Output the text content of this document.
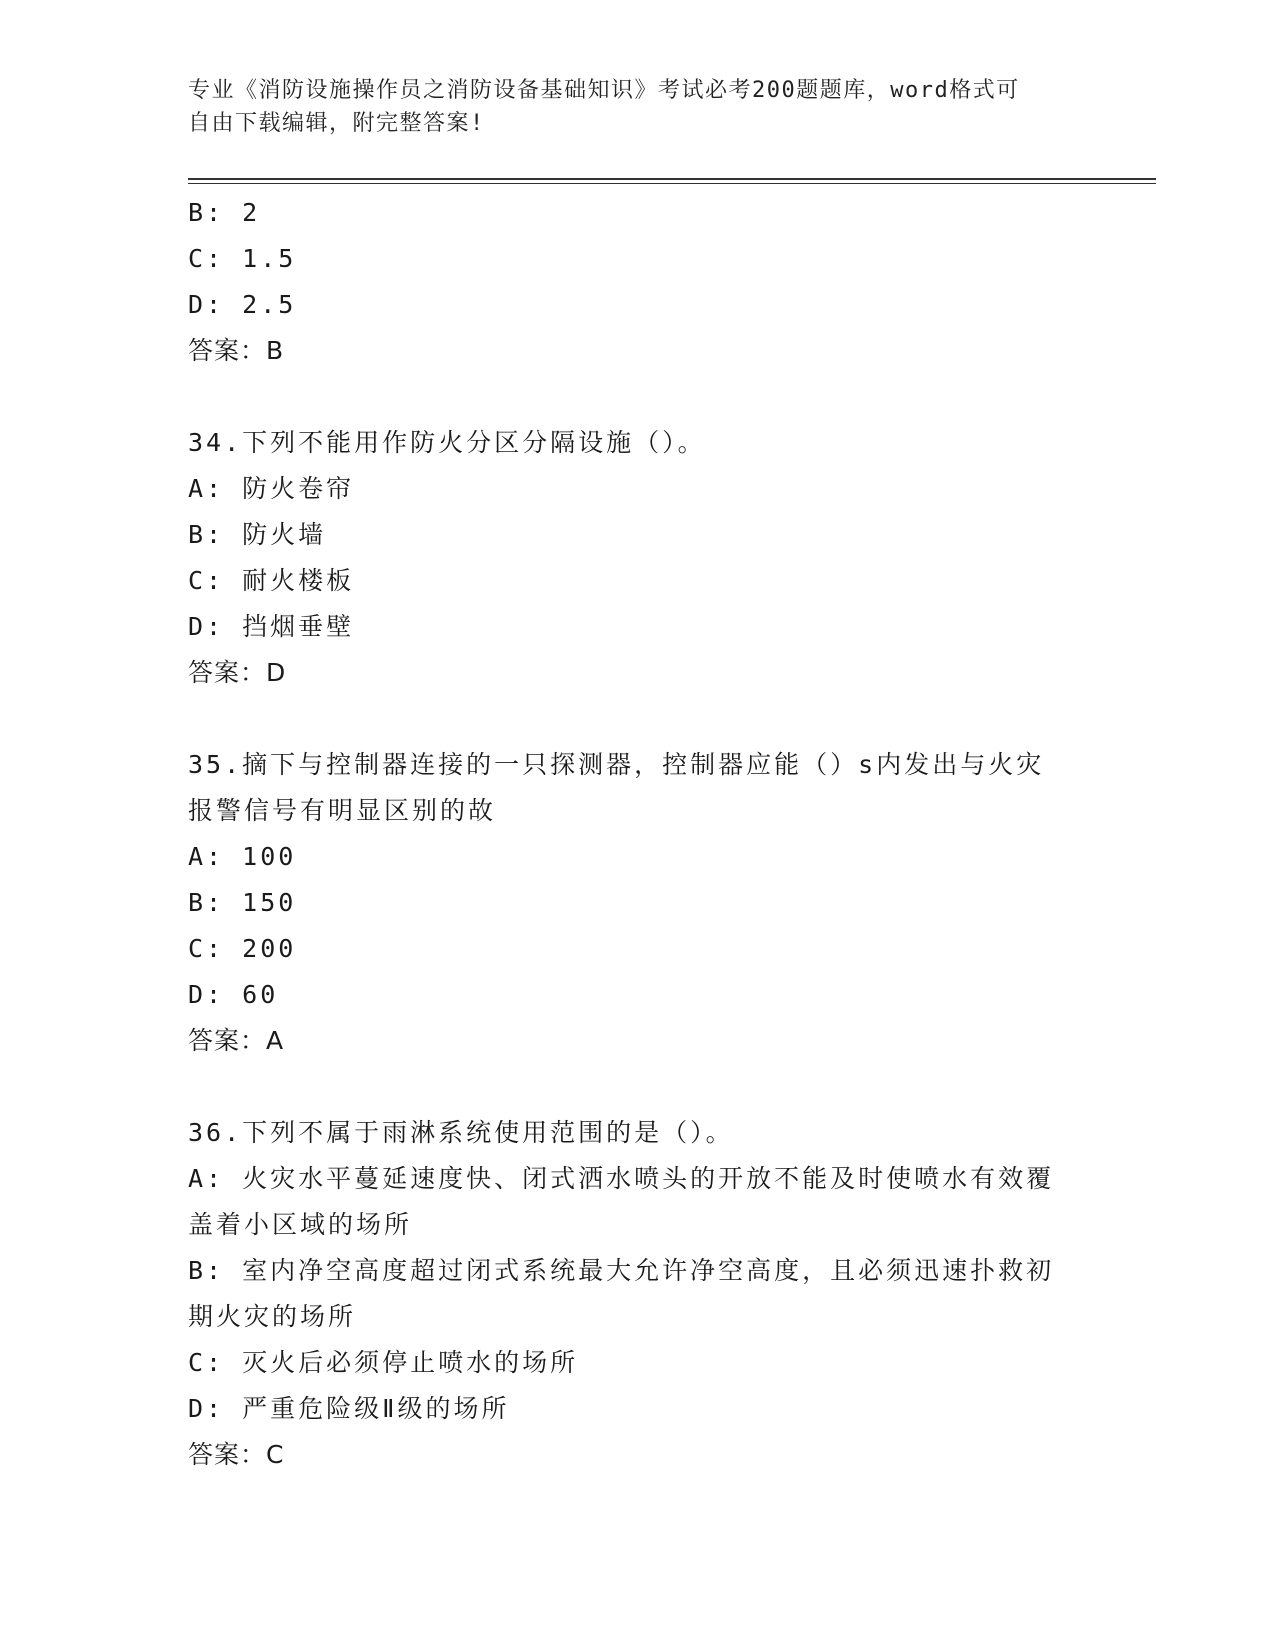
专业《消防设施操作员之消防设备基础知识》考试必考200题题库，word格式可
自由下载编辑，附完整答案!
B: 2
C: 1.5
D: 2.5
答案：B
34.下列不能用作防火分区分隔设施（）。
A: 防火卷帘
B: 防火墙
C: 耐火楼板
D: 挡烟垂壁
答案：D
35.摘下与控制器连接的一只探测器，控制器应能（）s内发出与火灾
报警信号有明显区别的故
A: 100
B: 150
C: 200
D: 60
答案：A
36.下列不属于雨淋系统使用范围的是（）。
A: 火灾水平蔓延速度快、闭式洒水喷头的开放不能及时使喷水有效覆
盖着小区域的场所
B: 室内净空高度超过闭式系统最大允许净空高度，且必须迅速扑救初
期火灾的场所
C: 灭火后必须停止喷水的场所
D: 严重危险级Ⅱ级的场所
答案：C
